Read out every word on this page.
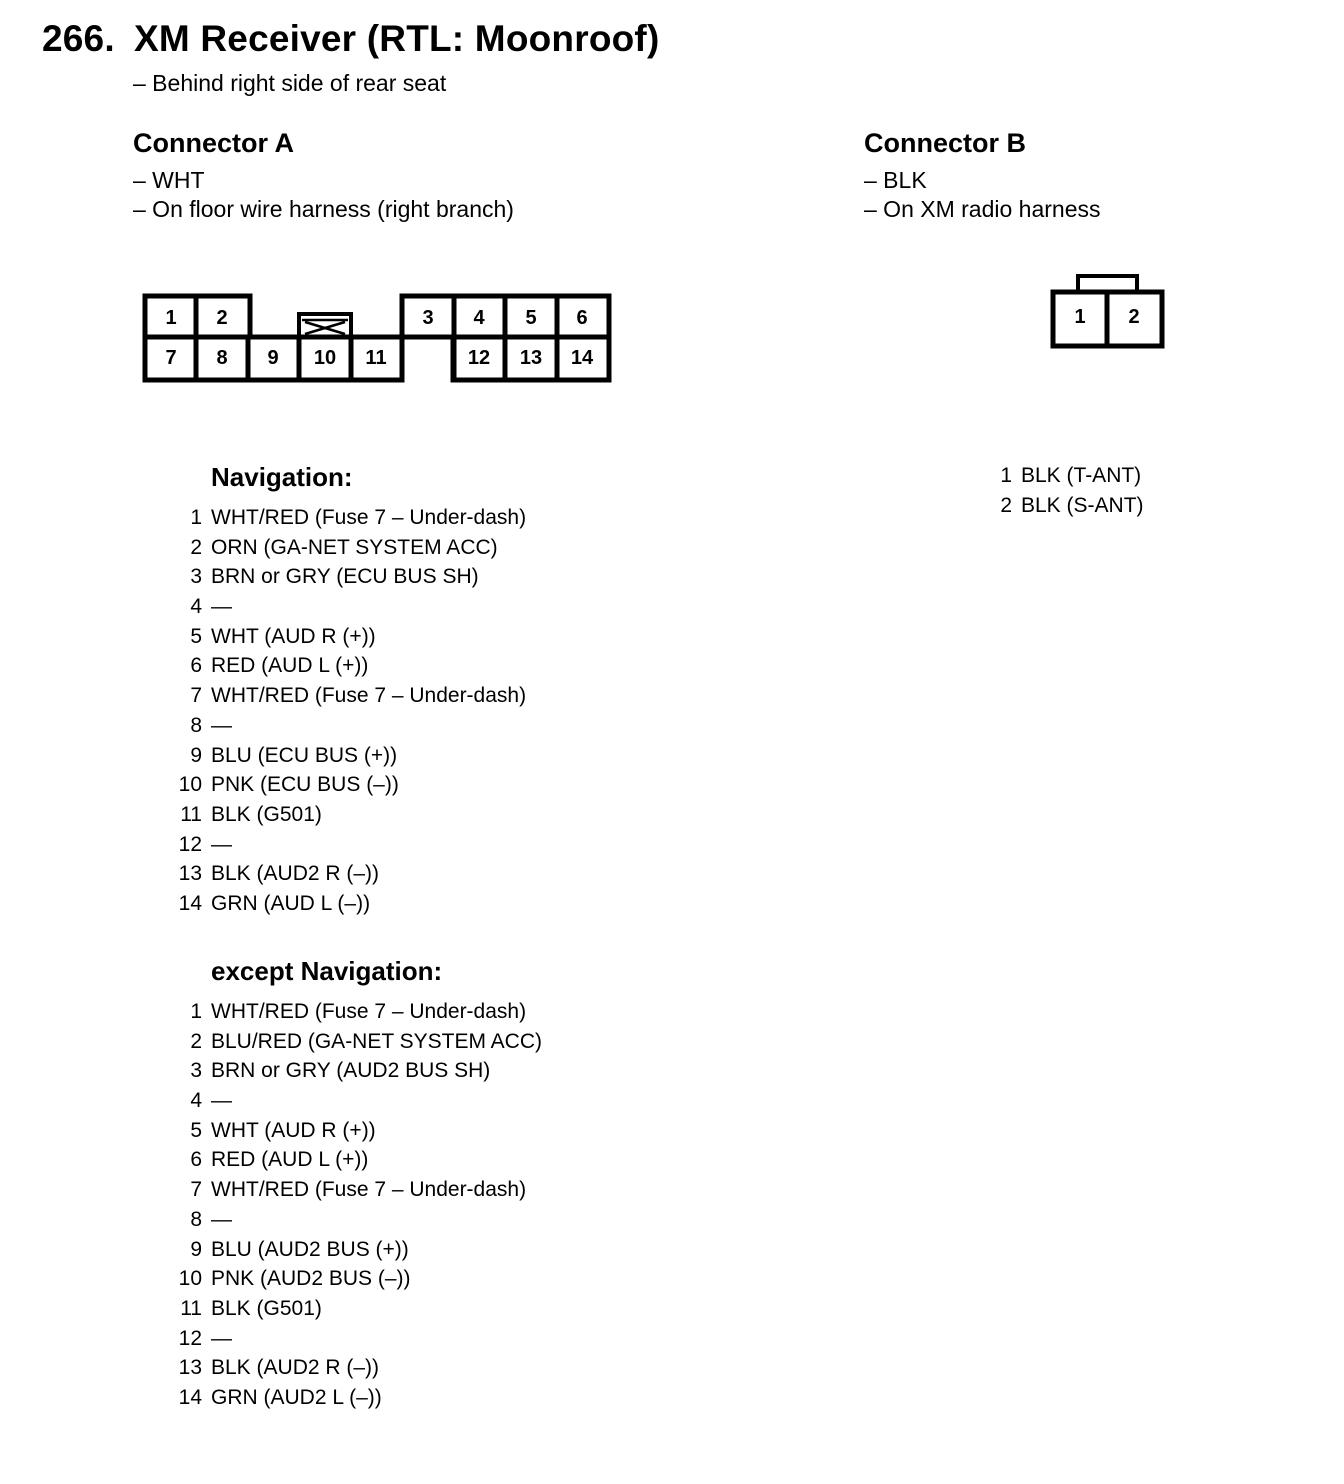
266. XM Receiver (RTL: Moonroof)
– Behind right side of rear seat
Connector A
– WHT
– On floor wire harness (right branch)
Connector B
– BLK
– On XM radio harness
1 2	3 4 5 6
7 8 9 10 11	12 13 14
1 2
Navigation:
1 WHT/RED (Fuse 7 – Under-dash)
2 ORN (GA-NET SYSTEM ACC)
3 BRN or GRY (ECU BUS SH)
4 —
5 WHT (AUD R (+))
6 RED (AUD L (+))
7 WHT/RED (Fuse 7 – Under-dash)
8 —
9 BLU (ECU BUS (+))
10 PNK (ECU BUS (–))
11 BLK (G501)
12 —
13 BLK (AUD2 R (–))
14 GRN (AUD L (–))
except Navigation:
1 WHT/RED (Fuse 7 – Under-dash)
2 BLU/RED (GA-NET SYSTEM ACC)
3 BRN or GRY (AUD2 BUS SH)
4 —
5 WHT (AUD R (+))
6 RED (AUD L (+))
7 WHT/RED (Fuse 7 – Under-dash)
8 —
9 BLU (AUD2 BUS (+))
10 PNK (AUD2 BUS (–))
11 BLK (G501)
12 —
13 BLK (AUD2 R (–))
14 GRN (AUD2 L (–))
1 BLK (T-ANT)
2 BLK (S-ANT)
